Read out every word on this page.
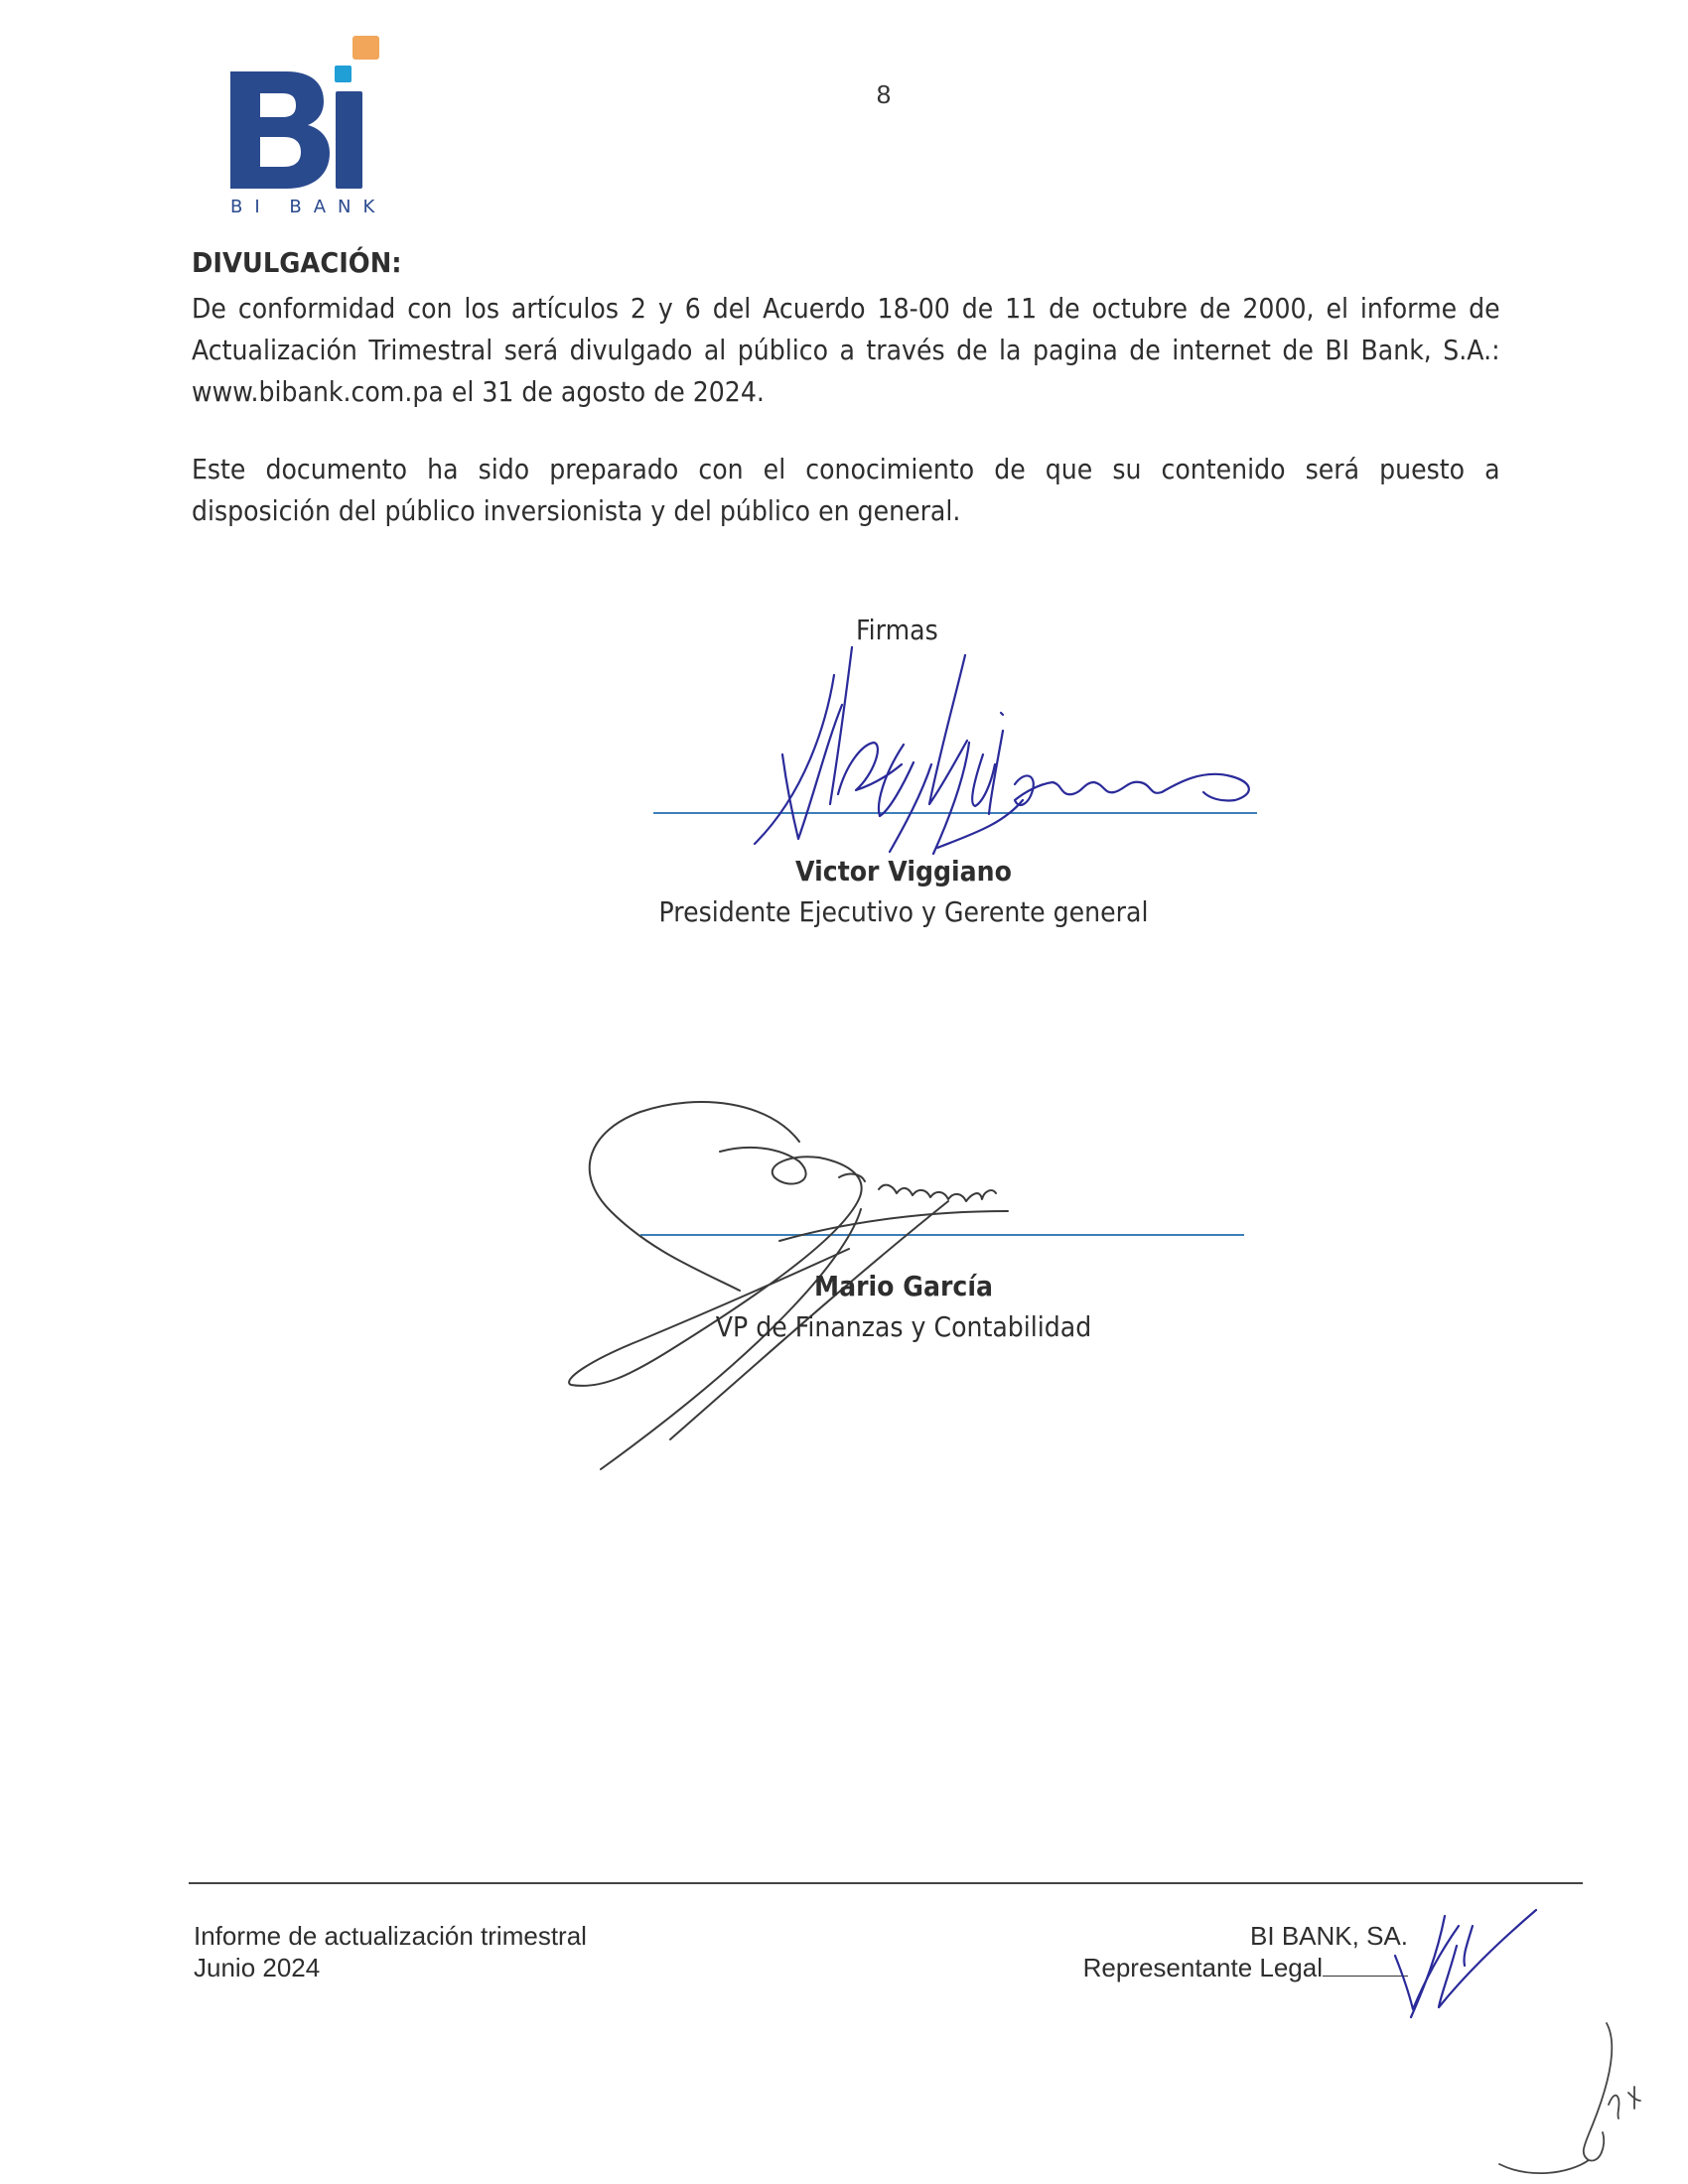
BI BANK
8
DIVULGACIÓN:
De conformidad con los artículos 2 y 6 del Acuerdo 18-00 de 11 de octubre de 2000, el informe de
Actualización Trimestral será divulgado al público a través de la pagina de internet de BI Bank, S.A.:
www.bibank.com.pa el 31 de agosto de 2024.
Este documento ha sido preparado con el conocimiento de que su contenido será puesto a
disposición del público inversionista y del público en general.
Firmas
Victor Viggiano
Presidente Ejecutivo y Gerente general
Mario García
VP de Finanzas y Contabilidad
Informe de actualización trimestral
Junio 2024
BI BANK, SA.
Representante Legal
